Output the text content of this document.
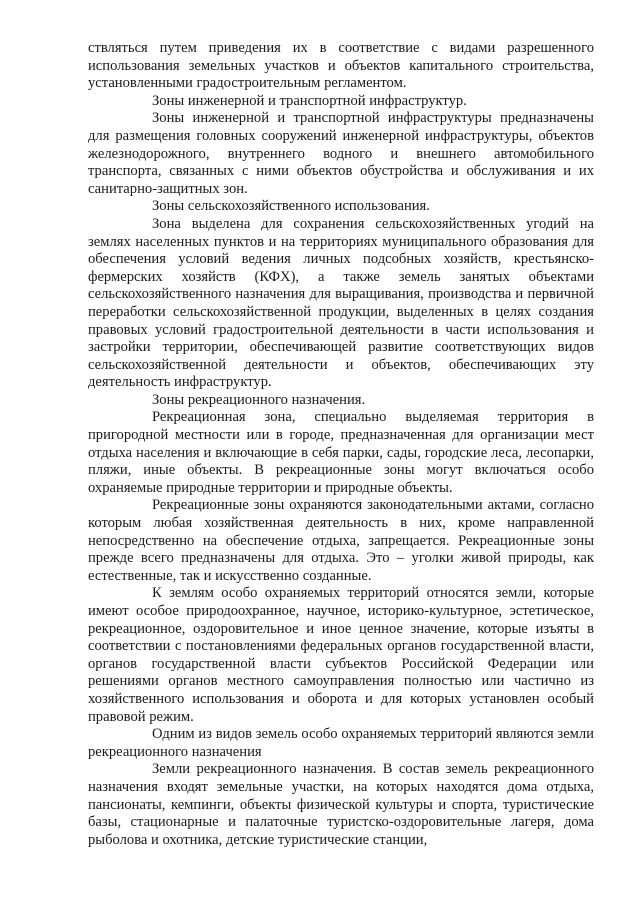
ствляться путем приведения их в соответствие с видами разрешенного использования земельных участков и объектов капитального строительства, установленными градостроительным регламентом.

Зоны инженерной и транспортной инфраструктур.

Зоны инженерной и транспортной инфраструктуры предназначены для размещения головных сооружений инженерной инфраструктуры, объектов железнодорожного, внутреннего водного и внешнего автомобильного транспорта, связанных с ними объектов обустройства и обслуживания и их санитарно-защитных зон.

Зоны сельскохозяйственного использования.

Зона выделена для сохранения сельскохозяйственных угодий на землях населенных пунктов и на территориях муниципального образования для обеспечения условий ведения личных подсобных хозяйств, крестьянско-фермерских хозяйств (КФХ), а также земель занятых объектами сельскохозяйственного назначения для выращивания, производства и первичной переработки сельскохозяйственной продукции, выделенных в целях создания правовых условий градостроительной деятельности в части использования и застройки территории, обеспечивающей развитие соответствующих видов сельскохозяйственной деятельности и объектов, обеспечивающих эту деятельность инфраструктур.

Зоны рекреационного назначения.

Рекреационная зона, специально выделяемая территория в пригородной местности или в городе, предназначенная для организации мест отдыха населения и включающие в себя парки, сады, городские леса, лесопарки, пляжи, иные объекты. В рекреационные зоны могут включаться особо охраняемые природные территории и природные объекты.

Рекреационные зоны охраняются законодательными актами, согласно которым любая хозяйственная деятельность в них, кроме направленной непосредственно на обеспечение отдыха, запрещается. Рекреационные зоны прежде всего предназначены для отдыха. Это – уголки живой природы, как естественные, так и искусственно созданные.

К землям особо охраняемых территорий относятся земли, которые имеют особое природоохранное, научное, историко-культурное, эстетическое, рекреационное, оздоровительное и иное ценное значение, которые изъяты в соответствии с постановлениями федеральных органов государственной власти, органов государственной власти субъектов Российской Федерации или решениями органов местного самоуправления полностью или частично из хозяйственного использования и оборота и для которых установлен особый правовой режим.

Одним из видов земель особо охраняемых территорий являются земли рекреационного назначения

Земли рекреационного назначения. В состав земель рекреационного назначения входят земельные участки, на которых находятся дома отдыха, пансионаты, кемпинги, объекты физической культуры и спорта, туристические базы, стационарные и палаточные туристско-оздоровительные лагеря, дома рыболова и охотника, детские туристические станции,
